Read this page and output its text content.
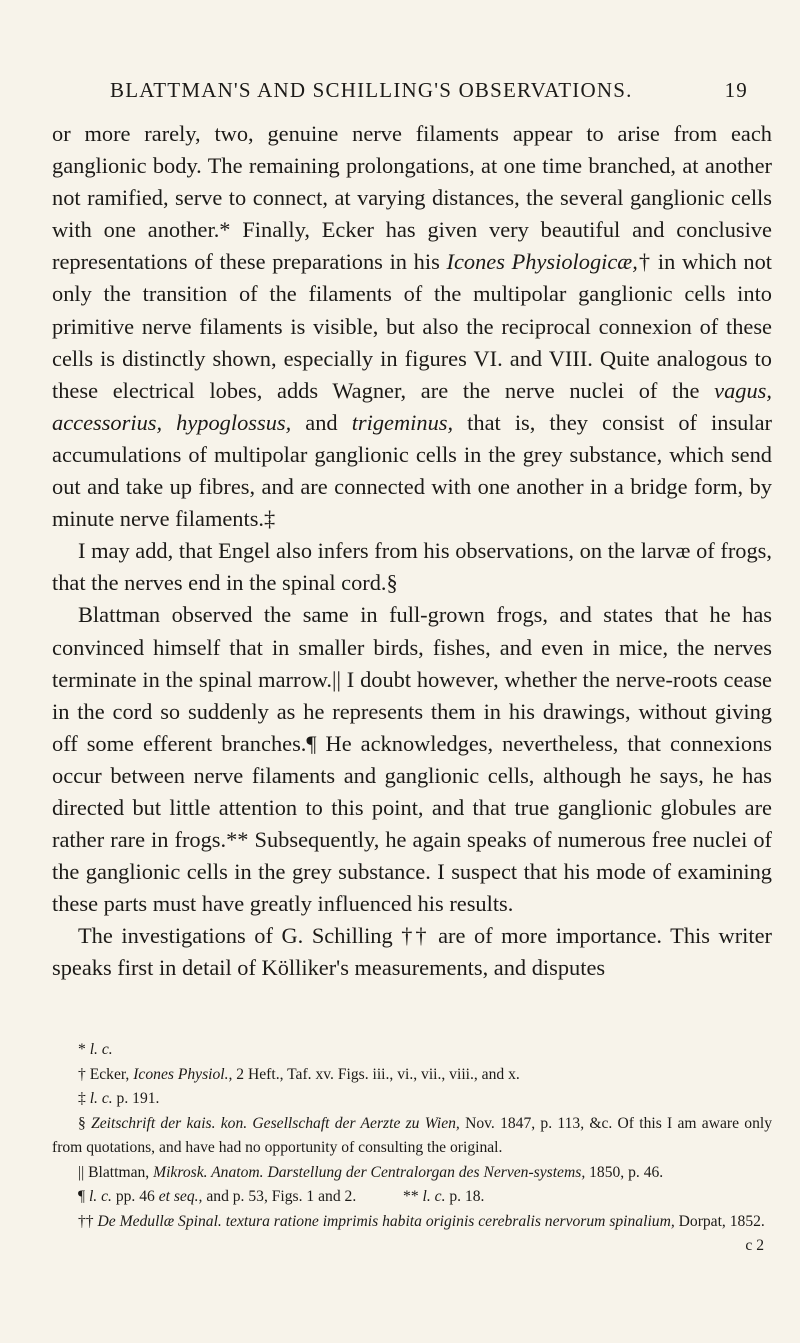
BLATTMAN'S AND SCHILLING'S OBSERVATIONS.	19

or more rarely, two, genuine nerve filaments appear to arise from each ganglionic body. The remaining prolongations, at one time branched, at another not ramified, serve to connect, at varying distances, the several ganglionic cells with one another.* Finally, Ecker has given very beautiful and conclusive representations of these preparations in his Icones Physiologicæ,† in which not only the transition of the filaments of the multipolar ganglionic cells into primitive nerve filaments is visible, but also the reciprocal connexion of these cells is distinctly shown, especially in figures VI. and VIII. Quite analogous to these electrical lobes, adds Wagner, are the nerve nuclei of the vagus, accessorius, hypoglossus, and trigeminus, that is, they consist of insular accumulations of multipolar ganglionic cells in the grey substance, which send out and take up fibres, and are connected with one another in a bridge form, by minute nerve filaments.‡

I may add, that Engel also infers from his observations, on the larvæ of frogs, that the nerves end in the spinal cord.§

Blattman observed the same in full-grown frogs, and states that he has convinced himself that in smaller birds, fishes, and even in mice, the nerves terminate in the spinal marrow.|| I doubt however, whether the nerve-roots cease in the cord so suddenly as he represents them in his drawings, without giving off some efferent branches.¶ He acknowledges, nevertheless, that connexions occur between nerve filaments and ganglionic cells, although he says, he has directed but little attention to this point, and that true ganglionic globules are rather rare in frogs.** Subsequently, he again speaks of numerous free nuclei of the ganglionic cells in the grey substance. I suspect that his mode of examining these parts must have greatly influenced his results.

The investigations of G. Schilling †† are of more importance. This writer speaks first in detail of Kölliker's measurements, and disputes

* l. c.

† Ecker, Icones Physiol., 2 Heft., Taf. xv. Figs. iii., vi., vii., viii., and x.

‡ l. c. p. 191.

§ Zeitschrift der kais. kon. Gesellschaft der Aerzte zu Wien, Nov. 1847, p. 113, &c. Of this I am aware only from quotations, and have had no opportunity of consulting the original.

|| Blattman, Mikrosk. Anatom. Darstellung der Centralorgan des Nerven-systems, 1850, p. 46.

¶ l. c. pp. 46 et seq., and p. 53, Figs. 1 and 2.   	** l. c. p. 18.

†† De Medullæ Spinal. textura ratione imprimis habita originis cerebralis nervorum spinalium, Dorpat, 1852.
c 2
